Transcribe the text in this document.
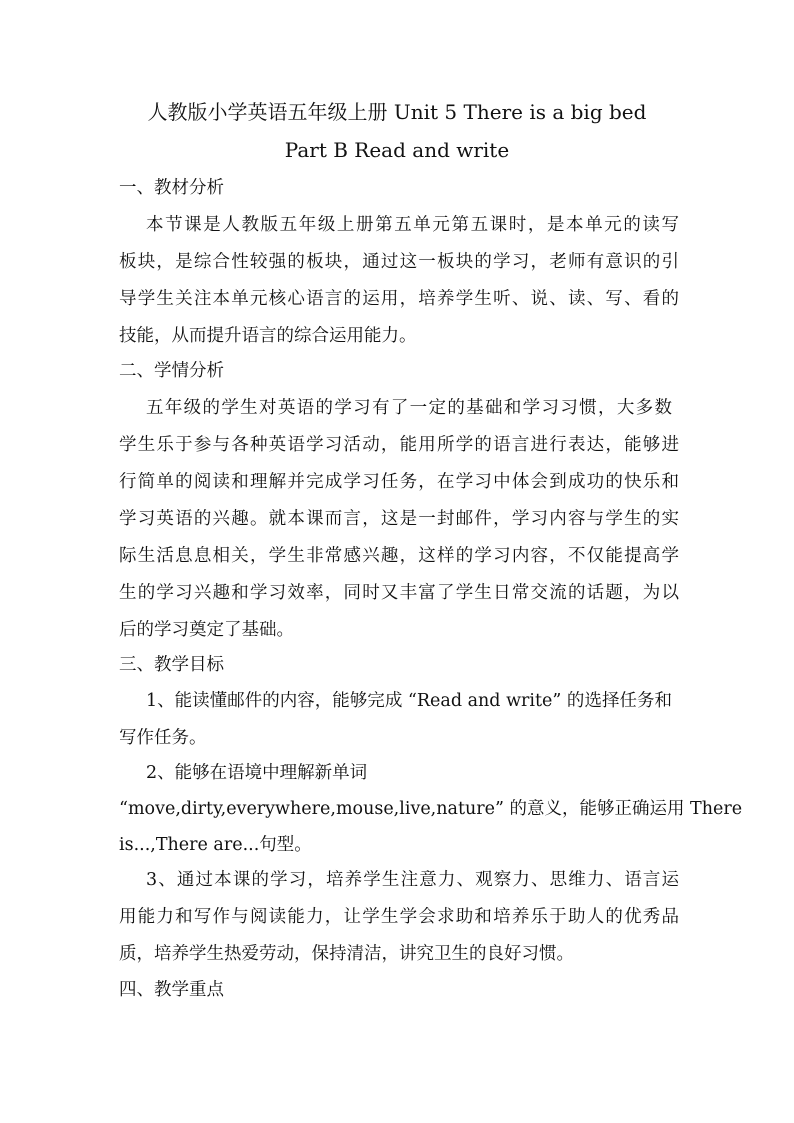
人教版小学英语五年级上册 Unit 5 There is a big bed
Part B Read and write
一、教材分析
本节课是人教版五年级上册第五单元第五课时，是本单元的读写
板块，是综合性较强的板块，通过这一板块的学习，老师有意识的引
导学生关注本单元核心语言的运用，培养学生听、说、读、写、看的
技能，从而提升语言的综合运用能力。
二、学情分析
五年级的学生对英语的学习有了一定的基础和学习习惯，大多数
学生乐于参与各种英语学习活动，能用所学的语言进行表达，能够进
行简单的阅读和理解并完成学习任务，在学习中体会到成功的快乐和
学习英语的兴趣。就本课而言，这是一封邮件，学习内容与学生的实
际生活息息相关，学生非常感兴趣，这样的学习内容，不仅能提高学
生的学习兴趣和学习效率，同时又丰富了学生日常交流的话题，为以
后的学习奠定了基础。
三、教学目标
1、能读懂邮件的内容，能够完成 “Read and write” 的选择任务和
写作任务。
2、能够在语境中理解新单词
“move,dirty,everywhere,mouse,live,nature” 的意义，能够正确运用 There
is...,There are...句型。
3、通过本课的学习，培养学生注意力、观察力、思维力、语言运
用能力和写作与阅读能力，让学生学会求助和培养乐于助人的优秀品
质，培养学生热爱劳动，保持清洁，讲究卫生的良好习惯。
四、教学重点
